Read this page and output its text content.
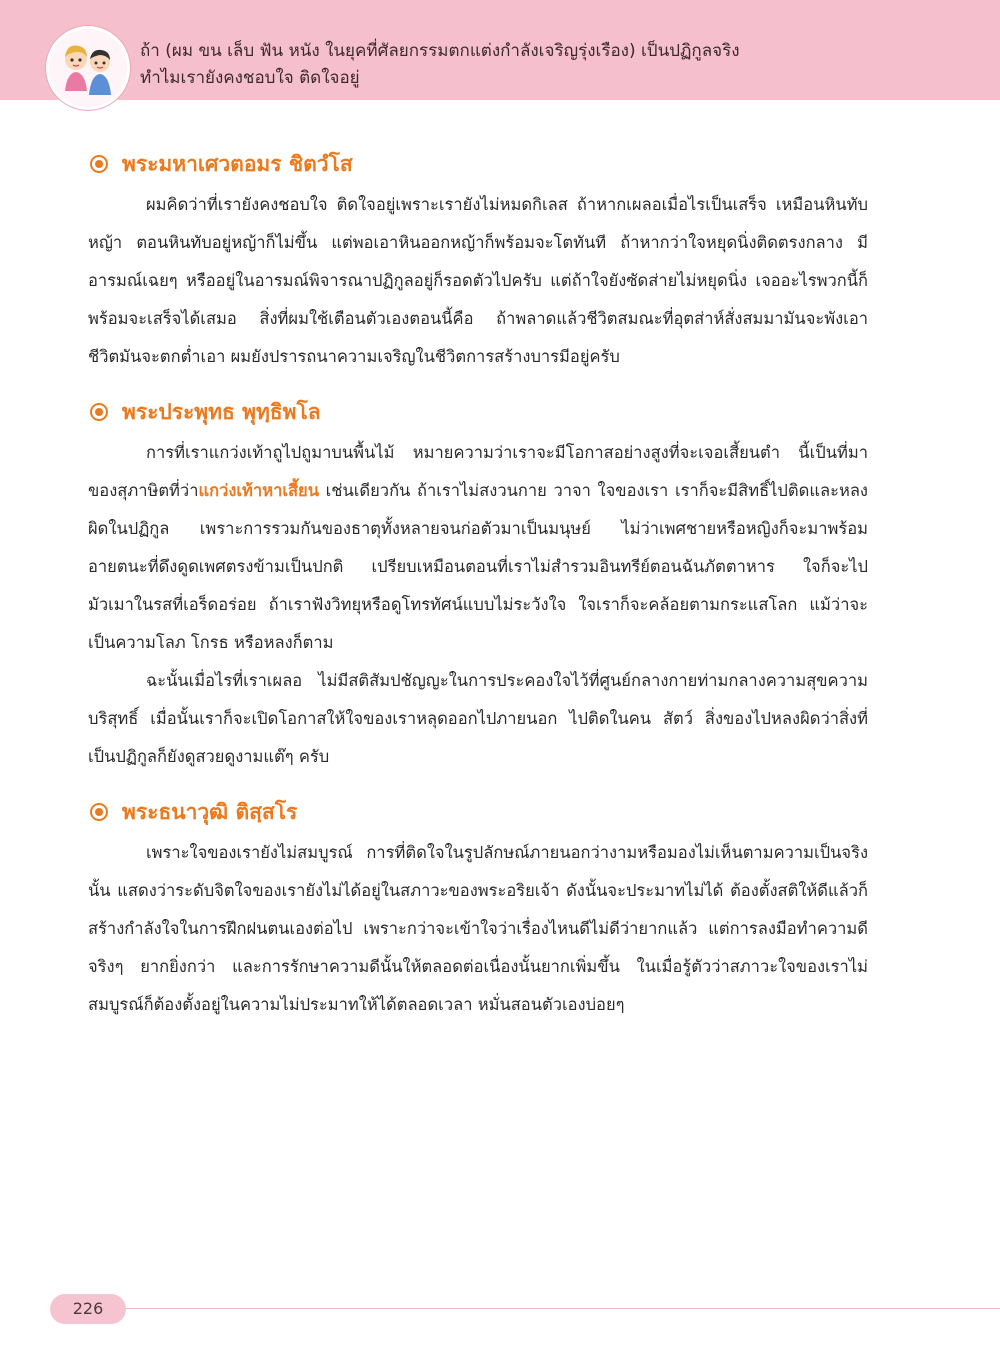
ถ้า (ผม ขน เล็บ ฟัน หนัง ในยุคที่ศัลยกรรมตกแต่งกำลังเจริญรุ่งเรือง) เป็นปฏิกูลจริง
ทำไมเรายังคงชอบใจ ติดใจอยู่
พระมหาเศวตอมร ชิตวํโส

ผมคิดว่าที่เรายังคงชอบใจ ติดใจอยู่เพราะเรายังไม่หมดกิเลส ถ้าหากเผลอเมื่อไรเป็นเสร็จ เหมือนหินทับหญ้า ตอนหินทับอยู่หญ้าก็ไม่ขึ้น แต่พอเอาหินออกหญ้าก็พร้อมจะโตทันที ถ้าหากว่าใจหยุดนิ่งติดตรงกลาง มีอารมณ์เฉยๆ หรืออยู่ในอารมณ์พิจารณาปฏิกูลอยู่ก็รอดตัวไปครับ แต่ถ้าใจยังซัดส่ายไม่หยุดนิ่ง เจออะไรพวกนี้ก็พร้อมจะเสร็จได้เสมอ สิ่งที่ผมใช้เตือนตัวเองตอนนี้คือ ถ้าพลาดแล้วชีวิตสมณะที่อุตส่าห์สั่งสมมามันจะพังเอา ชีวิตมันจะตกต่ำเอา ผมยังปรารถนาความเจริญในชีวิตการสร้างบารมีอยู่ครับ

พระประพุทธ พุทฺธิพโล

การที่เราแกว่งเท้าถูไปถูมาบนพื้นไม้ หมายความว่าเราจะมีโอกาสอย่างสูงที่จะเจอเสี้ยนตำ นี้เป็นที่มาของสุภาษิตที่ว่าแกว่งเท้าหาเสี้ยน เช่นเดียวกัน ถ้าเราไม่สงวนกาย วาจา ใจของเรา เราก็จะมีสิทธิ์ไปติดและหลงผิดในปฏิกูล เพราะการรวมกันของธาตุทั้งหลายจนก่อตัวมาเป็นมนุษย์ ไม่ว่าเพศชายหรือหญิงก็จะมาพร้อมอายตนะที่ดึงดูดเพศตรงข้ามเป็นปกติ เปรียบเหมือนตอนที่เราไม่สำรวมอินทรีย์ตอนฉันภัตตาหาร ใจก็จะไปมัวเมาในรสที่เอร็ดอร่อย ถ้าเราฟังวิทยุหรือดูโทรทัศน์แบบไม่ระวังใจ ใจเราก็จะคล้อยตามกระแสโลก แม้ว่าจะเป็นความโลภ โกรธ หรือหลงก็ตาม

ฉะนั้นเมื่อไรที่เราเผลอ ไม่มีสติสัมปชัญญะในการประคองใจไว้ที่ศูนย์กลางกายท่ามกลางความสุขความบริสุทธิ์ เมื่อนั้นเราก็จะเปิดโอกาสให้ใจของเราหลุดออกไปภายนอก ไปติดในคน สัตว์ สิ่งของไปหลงผิดว่าสิ่งที่เป็นปฏิกูลก็ยังดูสวยดูงามแต๊ๆ ครับ

พระธนาวุฒิ ติสฺสโร

เพราะใจของเรายังไม่สมบูรณ์ การที่ติดใจในรูปลักษณ์ภายนอกว่างามหรือมองไม่เห็นตามความเป็นจริงนั้น แสดงว่าระดับจิตใจของเรายังไม่ได้อยู่ในสภาวะของพระอริยเจ้า ดังนั้นจะประมาทไม่ได้ ต้องตั้งสติให้ดีแล้วก็สร้างกำลังใจในการฝึกฝนตนเองต่อไป เพราะกว่าจะเข้าใจว่าเรื่องไหนดีไม่ดีว่ายากแล้ว แต่การลงมือทำความดีจริงๆ ยากยิ่งกว่า และการรักษาความดีนั้นให้ตลอดต่อเนื่องนั้นยากเพิ่มขึ้น ในเมื่อรู้ตัวว่าสภาวะใจของเราไม่สมบูรณ์ก็ต้องตั้งอยู่ในความไม่ประมาทให้ได้ตลอดเวลา หมั่นสอนตัวเองบ่อยๆ

226
